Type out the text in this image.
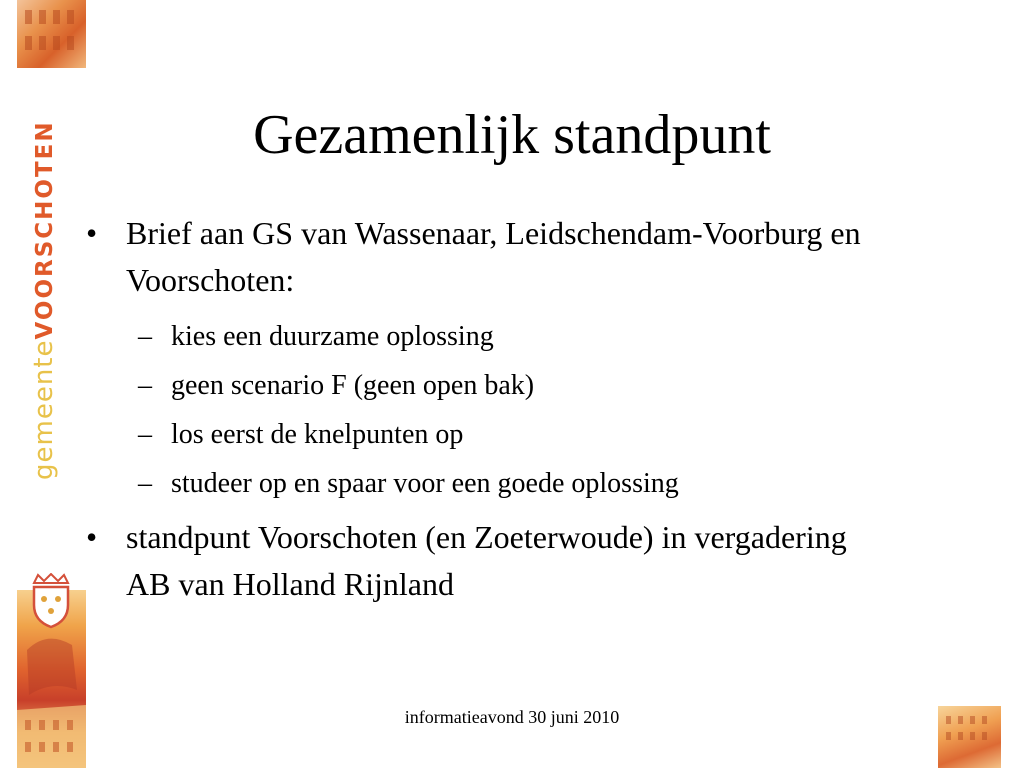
gemeenteVOORSCHOTEN	Gezamenlijk standpunt
• Brief aan GS van Wassenaar, Leidschendam-Voorburg en Voorschoten:
– kies een duurzame oplossing
– geen scenario F (geen open bak)
– los eerst de knelpunten op
– studeer op en spaar voor een goede oplossing
• standpunt Voorschoten (en Zoeterwoude) in vergadering AB van Holland Rijnland
informatieavond 30 juni 2010
